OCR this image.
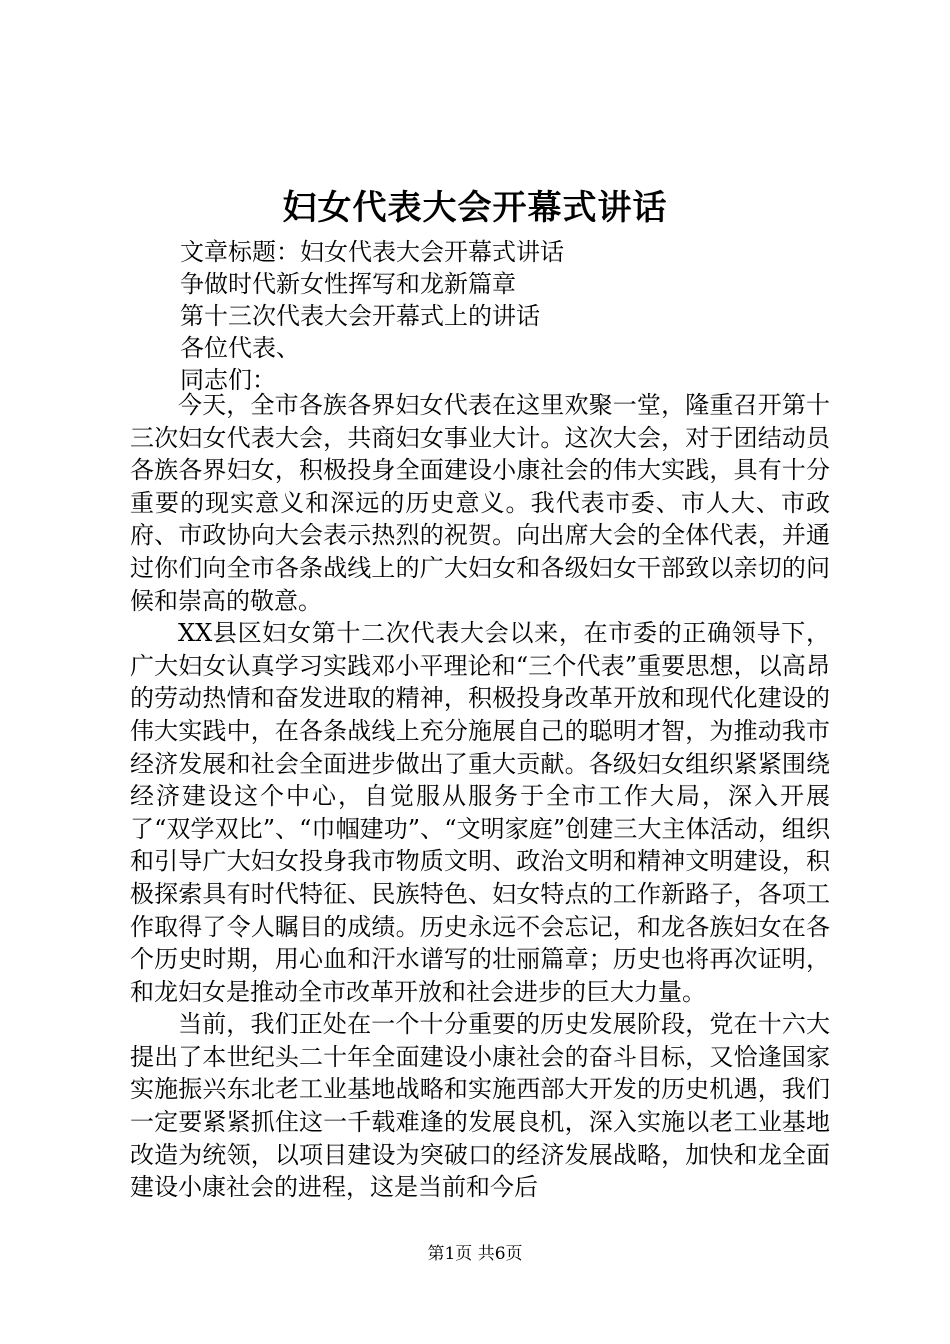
妇女代表大会开幕式讲话
文章标题：妇女代表大会开幕式讲话
争做时代新女性挥写和龙新篇章
第十三次代表大会开幕式上的讲话
各位代表、
同志们：

今天，全市各族各界妇女代表在这里欢聚一堂，隆重召开第十三次妇女代表大会，共商妇女事业大计。这次大会，对于团结动员各族各界妇女，积极投身全面建设小康社会的伟大实践，具有十分重要的现实意义和深远的历史意义。我代表市委、市人大、市政府、市政协向大会表示热烈的祝贺。向出席大会的全体代表，并通过你们向全市各条战线上的广大妇女和各级妇女干部致以亲切的问候和崇高的敬意。

XX县区妇女第十二次代表大会以来，在市委的正确领导下，广大妇女认真学习实践邓小平理论和“三个代表”重要思想，以高昂的劳动热情和奋发进取的精神，积极投身改革开放和现代化建设的伟大实践中，在各条战线上充分施展自己的聪明才智，为推动我市经济发展和社会全面进步做出了重大贡献。各级妇女组织紧紧围绕经济建设这个中心，自觉服从服务于全市工作大局，深入开展了“双学双比”、“巾帼建功”、“文明家庭”创建三大主体活动，组织和引导广大妇女投身我市物质文明、政治文明和精神文明建设，积极探索具有时代特征、民族特色、妇女特点的工作新路子，各项工作取得了令人瞩目的成绩。历史永远不会忘记，和龙各族妇女在各个历史时期，用心血和汗水谱写的壮丽篇章；历史也将再次证明，和龙妇女是推动全市改革开放和社会进步的巨大力量。

当前，我们正处在一个十分重要的历史发展阶段，党在十六大提出了本世纪头二十年全面建设小康社会的奋斗目标，又恰逢国家实施振兴东北老工业基地战略和实施西部大开发的历史机遇，我们一定要紧紧抓住这一千载难逢的发展良机，深入实施以老工业基地改造为统领，以项目建设为突破口的经济发展战略，加快和龙全面建设小康社会的进程，这是当前和今后

第1页 共6页
